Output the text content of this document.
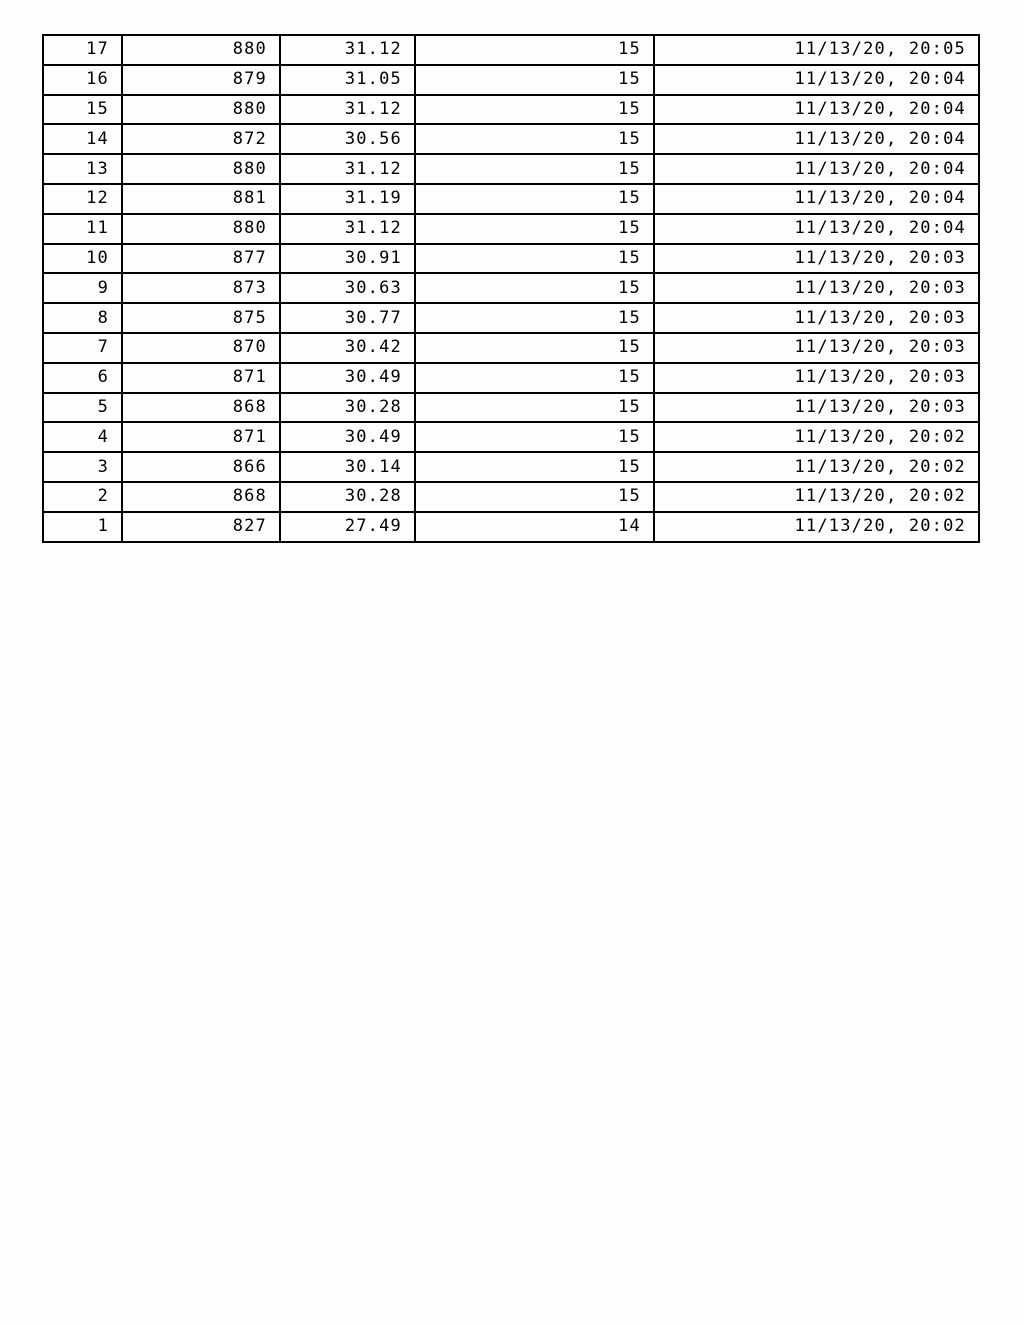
17	880	31.12	15	11/13/20, 20:05
16	879	31.05	15	11/13/20, 20:04
15	880	31.12	15	11/13/20, 20:04
14	872	30.56	15	11/13/20, 20:04
13	880	31.12	15	11/13/20, 20:04
12	881	31.19	15	11/13/20, 20:04
11	880	31.12	15	11/13/20, 20:04
10	877	30.91	15	11/13/20, 20:03
9	873	30.63	15	11/13/20, 20:03
8	875	30.77	15	11/13/20, 20:03
7	870	30.42	15	11/13/20, 20:03
6	871	30.49	15	11/13/20, 20:03
5	868	30.28	15	11/13/20, 20:03
4	871	30.49	15	11/13/20, 20:02
3	866	30.14	15	11/13/20, 20:02
2	868	30.28	15	11/13/20, 20:02
1	827	27.49	14	11/13/20, 20:02
